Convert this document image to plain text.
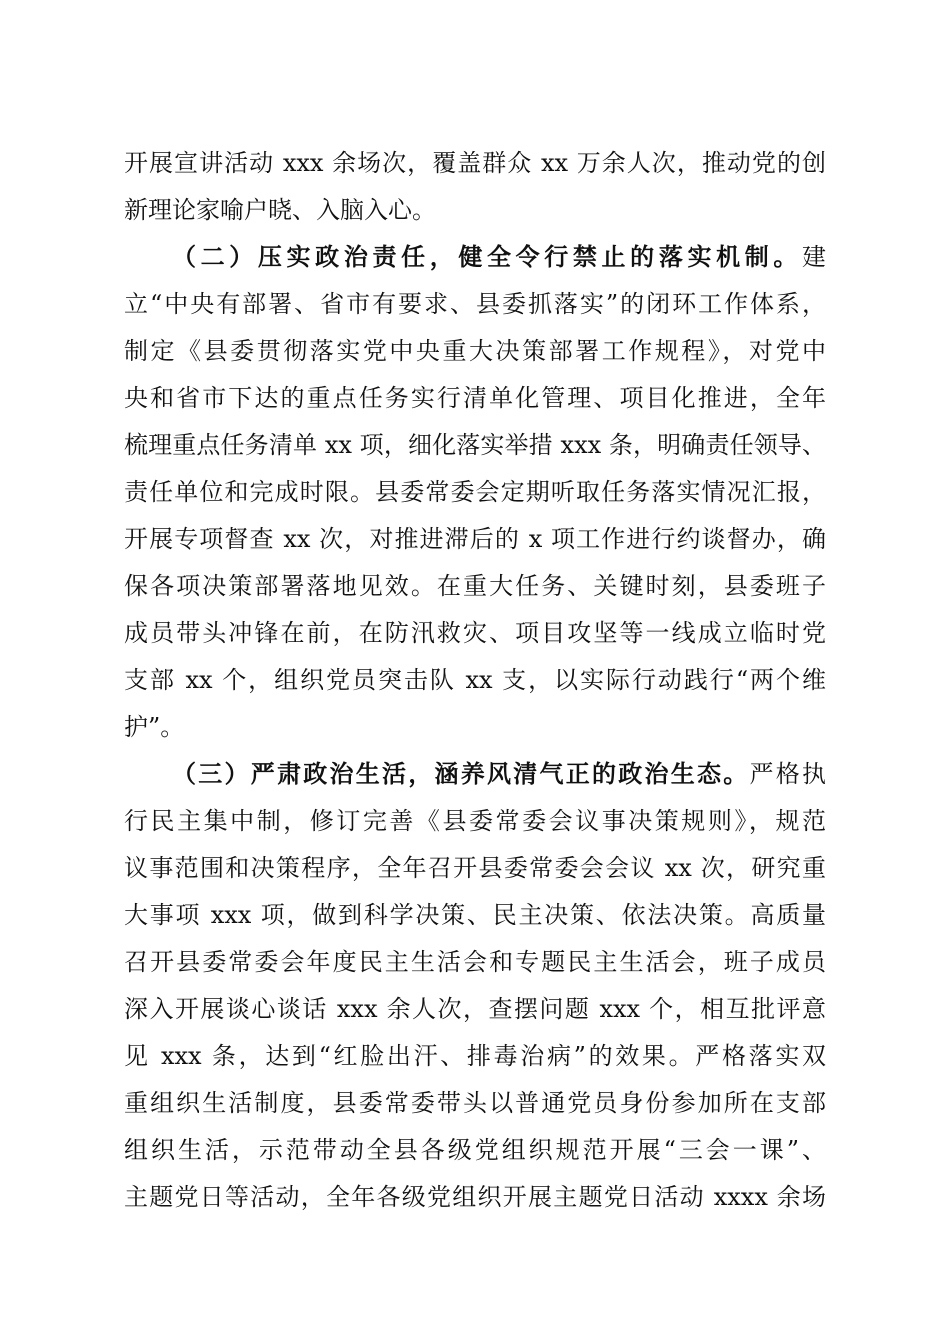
开展宣讲活动 xxx 余场次，覆盖群众 xx 万余人次，推动党的创
新理论家喻户晓、入脑入心。
（二）压实政治责任，健全令行禁止的落实机制。建
立“中央有部署、省市有要求、县委抓落实”的闭环工作体系，
制定《县委贯彻落实党中央重大决策部署工作规程》，对党中
央和省市下达的重点任务实行清单化管理、项目化推进，全年
梳理重点任务清单 xx 项，细化落实举措 xxx 条，明确责任领导、
责任单位和完成时限。县委常委会定期听取任务落实情况汇报，
开展专项督查 xx 次，对推进滞后的 x 项工作进行约谈督办，确
保各项决策部署落地见效。在重大任务、关键时刻，县委班子
成员带头冲锋在前，在防汛救灾、项目攻坚等一线成立临时党
支部 xx 个，组织党员突击队 xx 支，以实际行动践行“两个维
护”。
（三）严肃政治生活，涵养风清气正的政治生态。严格执
行民主集中制，修订完善《县委常委会议事决策规则》，规范
议事范围和决策程序，全年召开县委常委会会议 xx 次，研究重
大事项 xxx 项，做到科学决策、民主决策、依法决策。高质量
召开县委常委会年度民主生活会和专题民主生活会，班子成员
深入开展谈心谈话 xxx 余人次，查摆问题 xxx 个，相互批评意
见 xxx 条，达到“红脸出汗、排毒治病”的效果。严格落实双
重组织生活制度，县委常委带头以普通党员身份参加所在支部
组织生活，示范带动全县各级党组织规范开展“三会一课”、
主题党日等活动，全年各级党组织开展主题党日活动 xxxx 余场
